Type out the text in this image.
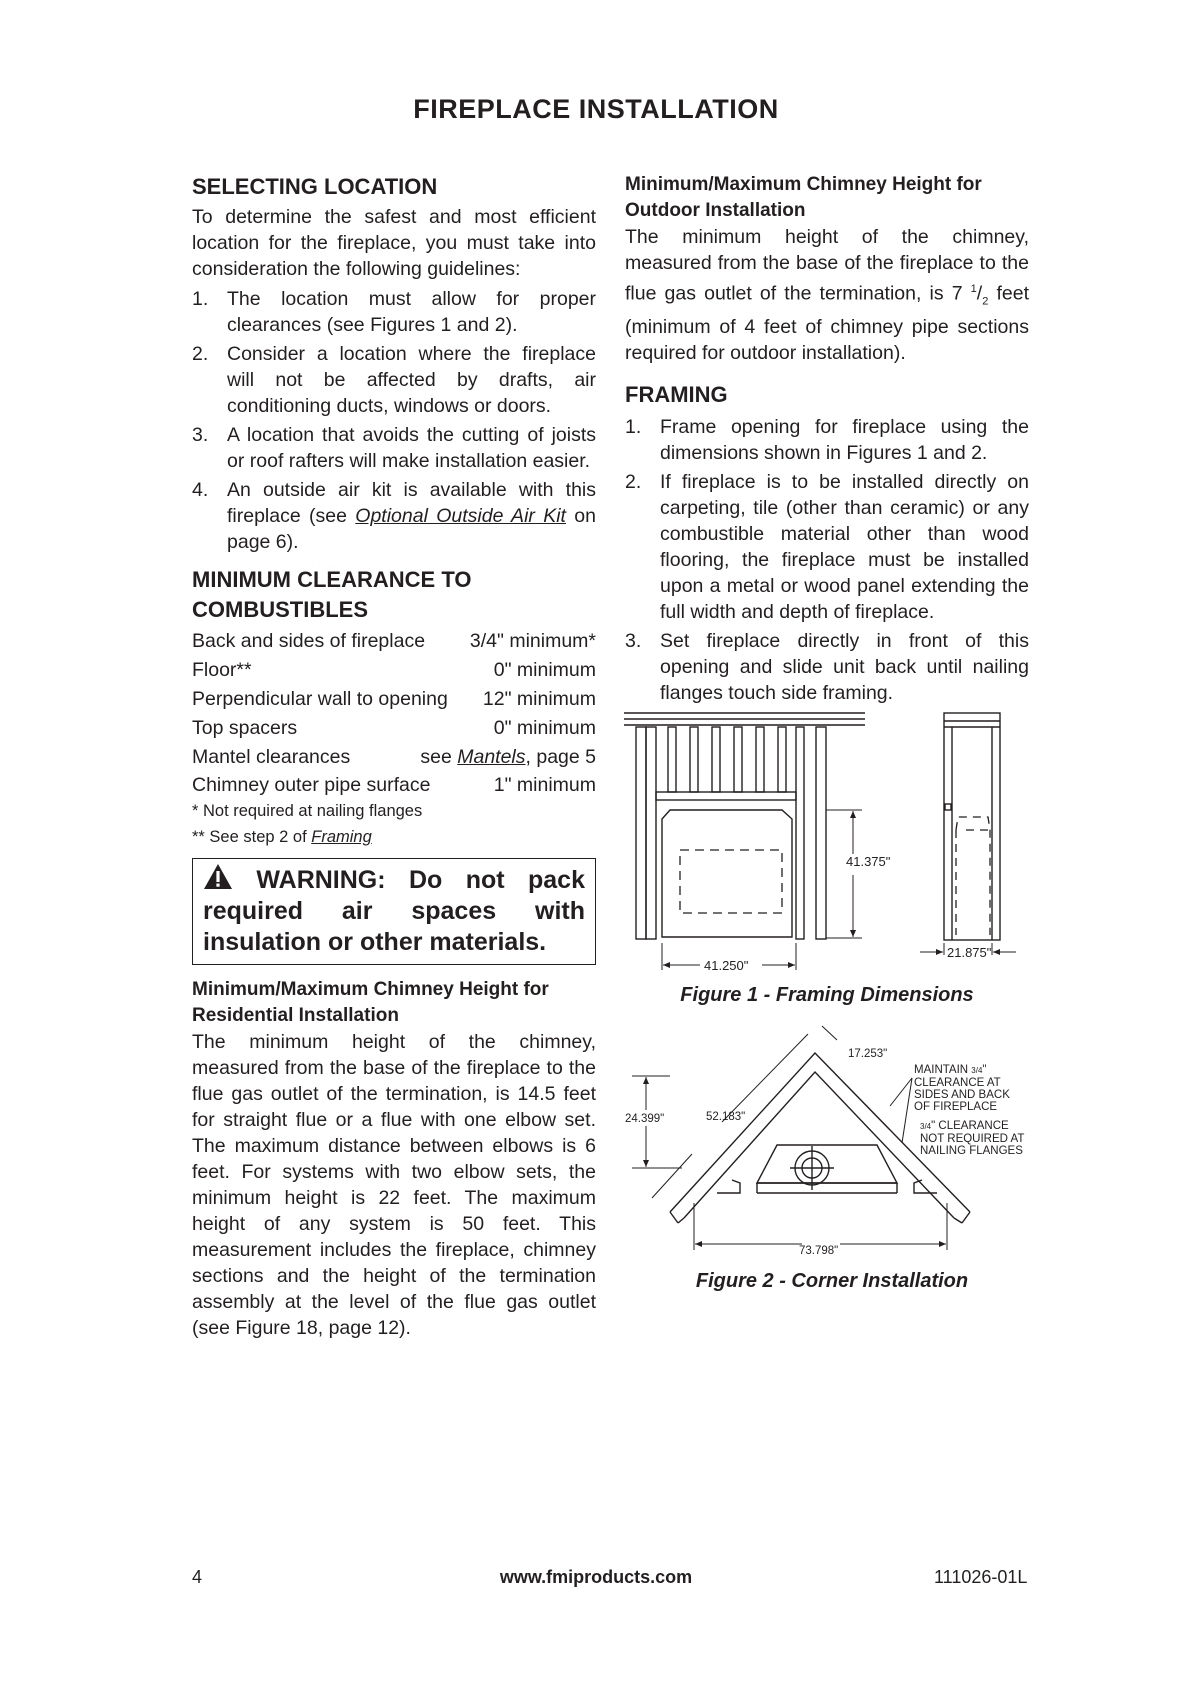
FIREPLACE INSTALLATION
SELECTING LOCATION

To determine the safest and most efficient location for the fireplace, you must take into consideration the following guidelines:

1. The location must allow for proper clearances (see Figures 1 and 2).
2. Consider a location where the fireplace will not be affected by drafts, air conditioning ducts, windows or doors.
3. A location that avoids the cutting of joists or roof rafters will make installation easier.
4. An outside air kit is available with this fireplace (see Optional Outside Air Kit on page 6).
MINIMUM CLEARANCE TO COMBUSTIBLES
Back and sides of fireplace 3/4" minimum*
Floor**	0" minimum
Perpendicular wall to opening 12" minimum
Top spacers	0" minimum
Mantel clearances	see Mantels, page 5
Chimney outer pipe surface	1" minimum
* Not required at nailing flanges
** See step 2 of Framing
WARNING: Do not pack required air spaces with insulation or other materials.
Minimum/Maximum Chimney Height for Residential Installation

The minimum height of the chimney, measured from the base of the fireplace to the flue gas outlet of the termination, is 14.5 feet for straight flue or a flue with one elbow set. The maximum distance between elbows is 6 feet. For systems with two elbow sets, the minimum height is 22 feet. The maximum height of any system is 50 feet. This measurement includes the fireplace, chimney sections and the height of the termination assembly at the level of the flue gas outlet (see Figure 18, page 12).

Minimum/Maximum Chimney Height for Outdoor Installation

The minimum height of the chimney, measured from the base of the fireplace to the flue gas outlet of the termination, is 7 $^1/_2$ feet (minimum of 4 feet of chimney pipe sections required for outdoor installation).

FRAMING
1. Frame opening for fireplace using the dimensions shown in Figures 1 and 2.
2. If fireplace is to be installed directly on carpeting, tile (other than ceramic) or any combustible material other than wood flooring, the fireplace must be installed upon a metal or wood panel extending the full width and depth of fireplace.
3. Set fireplace directly in front of this opening and slide unit back until nailing flanges touch side framing.
41.375"
41.250"
21.875"
Figure 1 - Framing Dimensions
17.253"
24.399"	52.183"
73.798"
MAINTAIN 3/4"
CLEARANCE AT
SIDES AND BACK
OF FIREPLACE
3/4" CLEARANCE
NOT REQUIRED AT
NAILING FLANGES
Figure 2 - Corner Installation
4	www.fmiproducts.com	111026-01L
